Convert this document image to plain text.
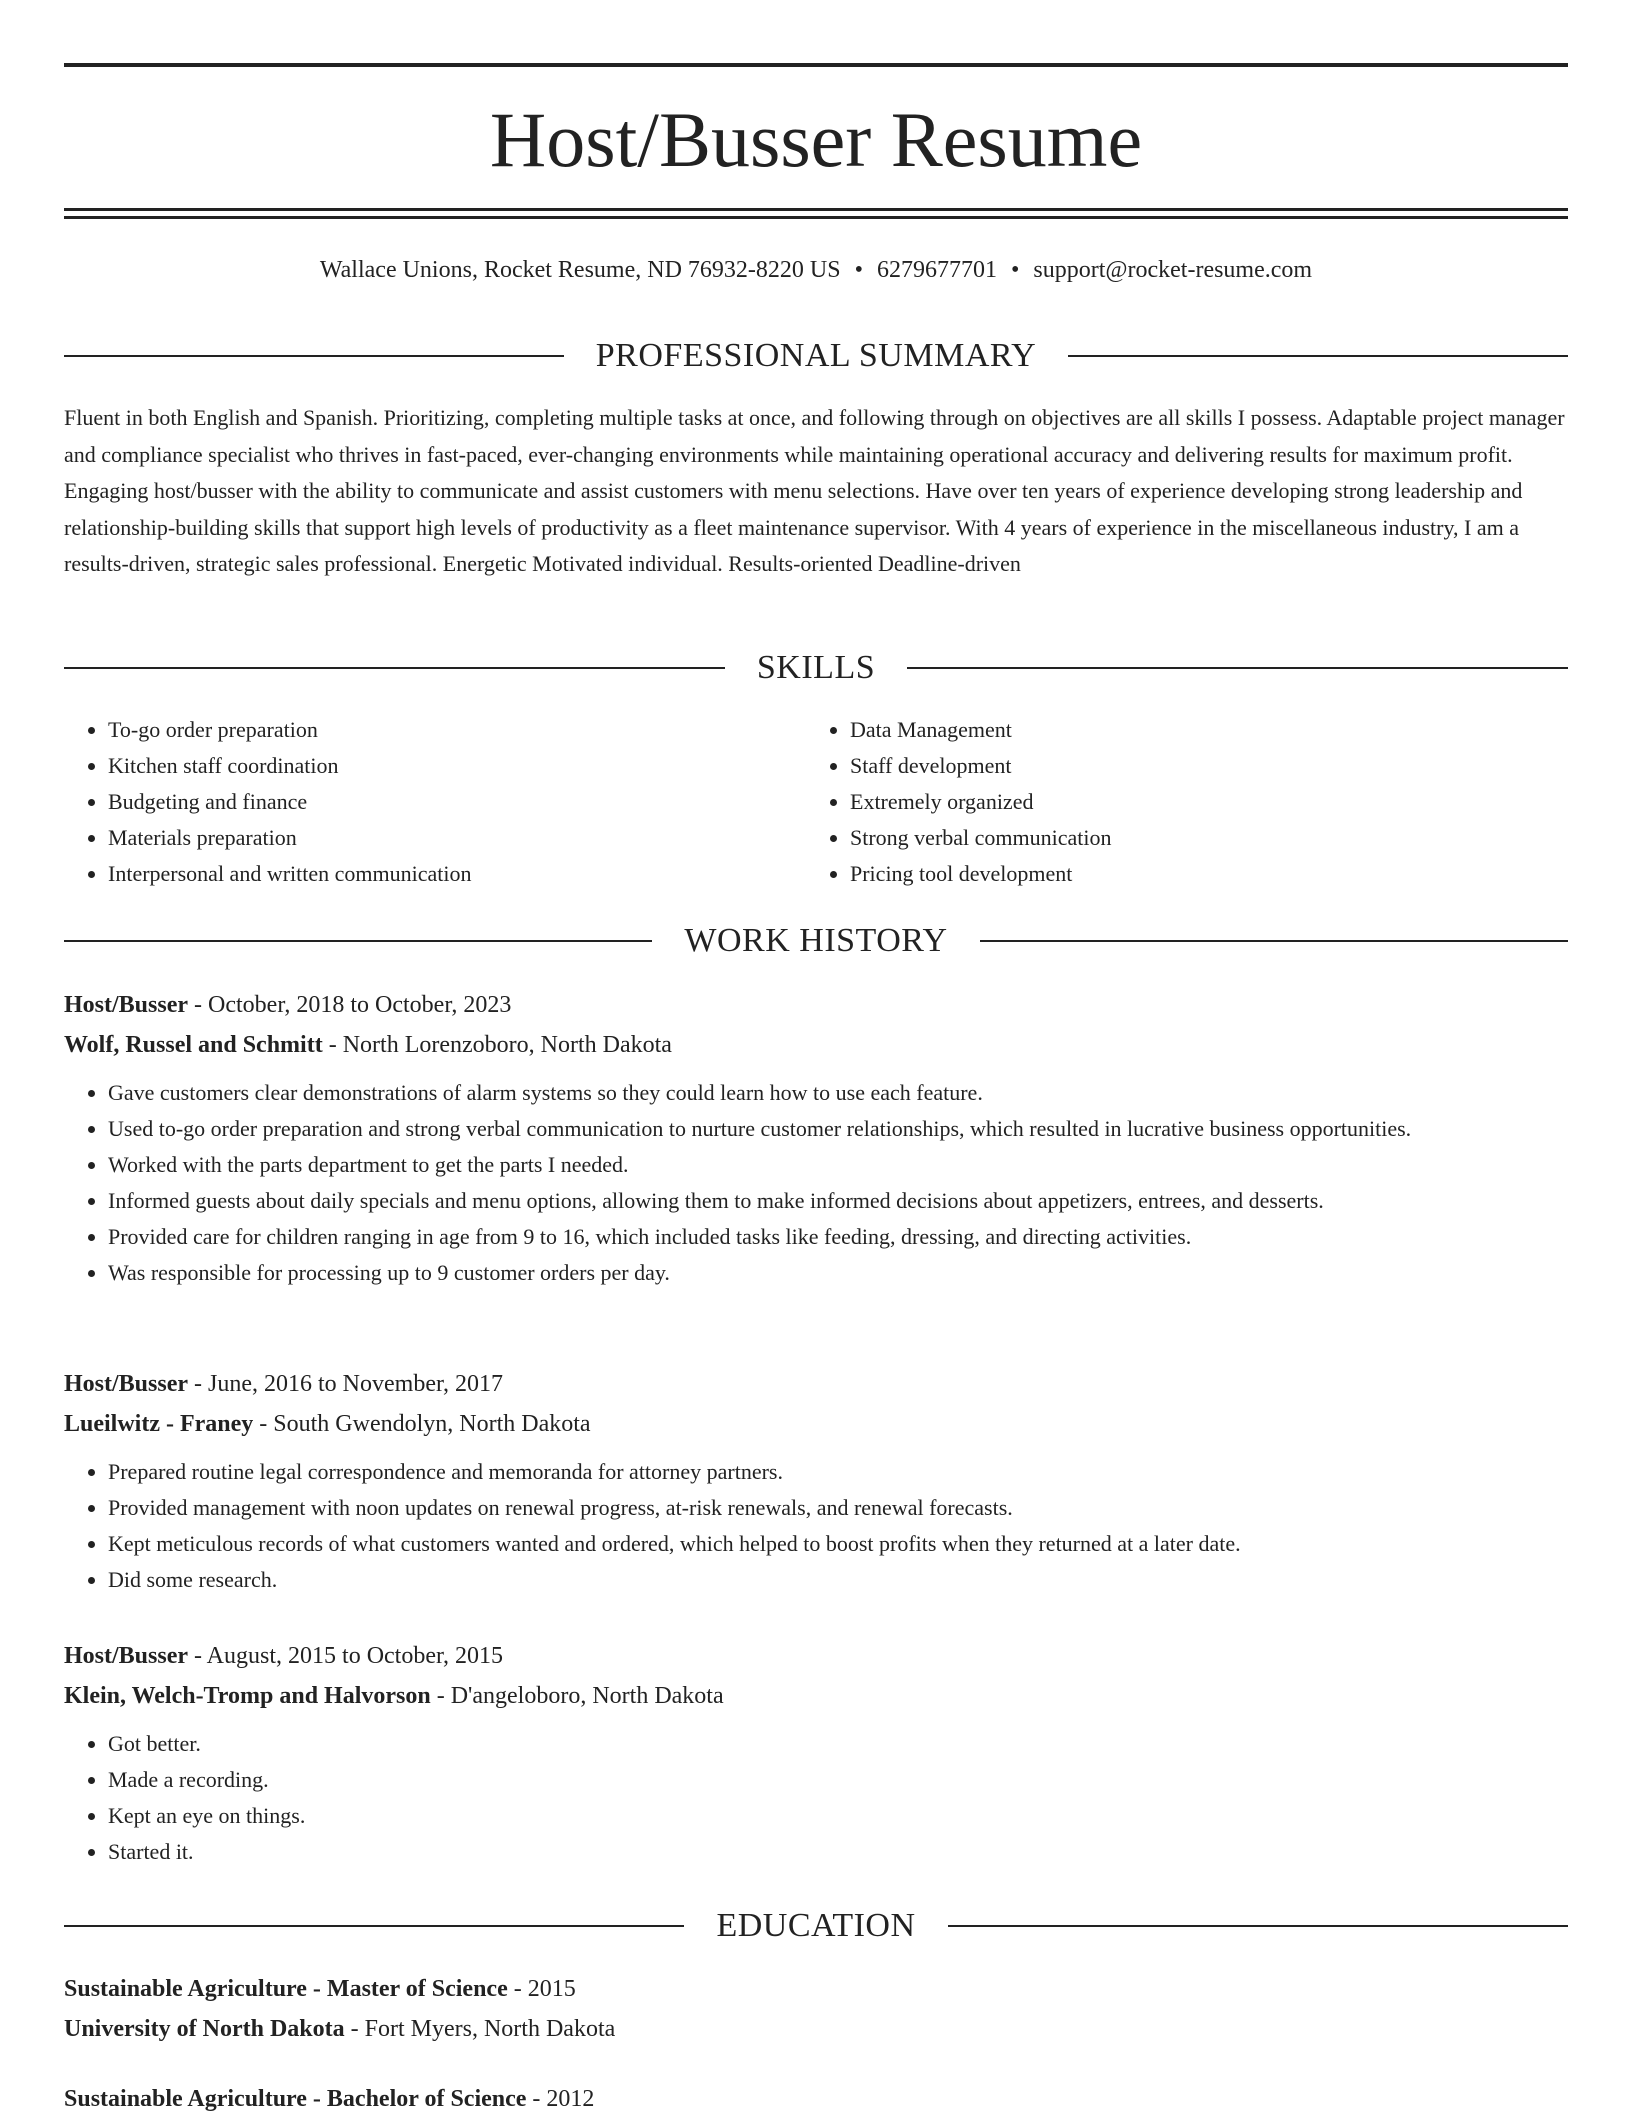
Host/Busser Resume
Wallace Unions, Rocket Resume, ND 76932-8220 US • 6279677701 • support@rocket-resume.com
PROFESSIONAL SUMMARY

Fluent in both English and Spanish. Prioritizing, completing multiple tasks at once, and following through on objectives are all skills I possess. Adaptable project manager and compliance specialist who thrives in fast-paced, ever-changing environments while maintaining operational accuracy and delivering results for maximum profit. Engaging host/busser with the ability to communicate and assist customers with menu selections. Have over ten years of experience developing strong leadership and relationship-building skills that support high levels of productivity as a fleet maintenance supervisor. With 4 years of experience in the miscellaneous industry, I am a results-driven, strategic sales professional. Energetic Motivated individual. Results-oriented Deadline-driven

SKILLS
• To-go order preparation
• Kitchen staff coordination
• Budgeting and finance
• Materials preparation
• Interpersonal and written communication
• Data Management
• Staff development
• Extremely organized
• Strong verbal communication
• Pricing tool development
WORK HISTORY
Host/Busser - October, 2018 to October, 2023
Wolf, Russel and Schmitt - North Lorenzoboro, North Dakota
• Gave customers clear demonstrations of alarm systems so they could learn how to use each feature.
• Used to-go order preparation and strong verbal communication to nurture customer relationships, which resulted in lucrative business opportunities.
• Worked with the parts department to get the parts I needed.
• Informed guests about daily specials and menu options, allowing them to make informed decisions about appetizers, entrees, and desserts.
• Provided care for children ranging in age from 9 to 16, which included tasks like feeding, dressing, and directing activities.
• Was responsible for processing up to 9 customer orders per day.
Host/Busser - June, 2016 to November, 2017
Lueilwitz - Franey - South Gwendolyn, North Dakota
• Prepared routine legal correspondence and memoranda for attorney partners.
• Provided management with noon updates on renewal progress, at-risk renewals, and renewal forecasts.
• Kept meticulous records of what customers wanted and ordered, which helped to boost profits when they returned at a later date.
• Did some research.
Host/Busser - August, 2015 to October, 2015
Klein, Welch-Tromp and Halvorson - D'angeloboro, North Dakota
• Got better.
• Made a recording.
• Kept an eye on things.
• Started it.
EDUCATION
Sustainable Agriculture - Master of Science - 2015
University of North Dakota - Fort Myers, North Dakota
Sustainable Agriculture - Bachelor of Science - 2012
